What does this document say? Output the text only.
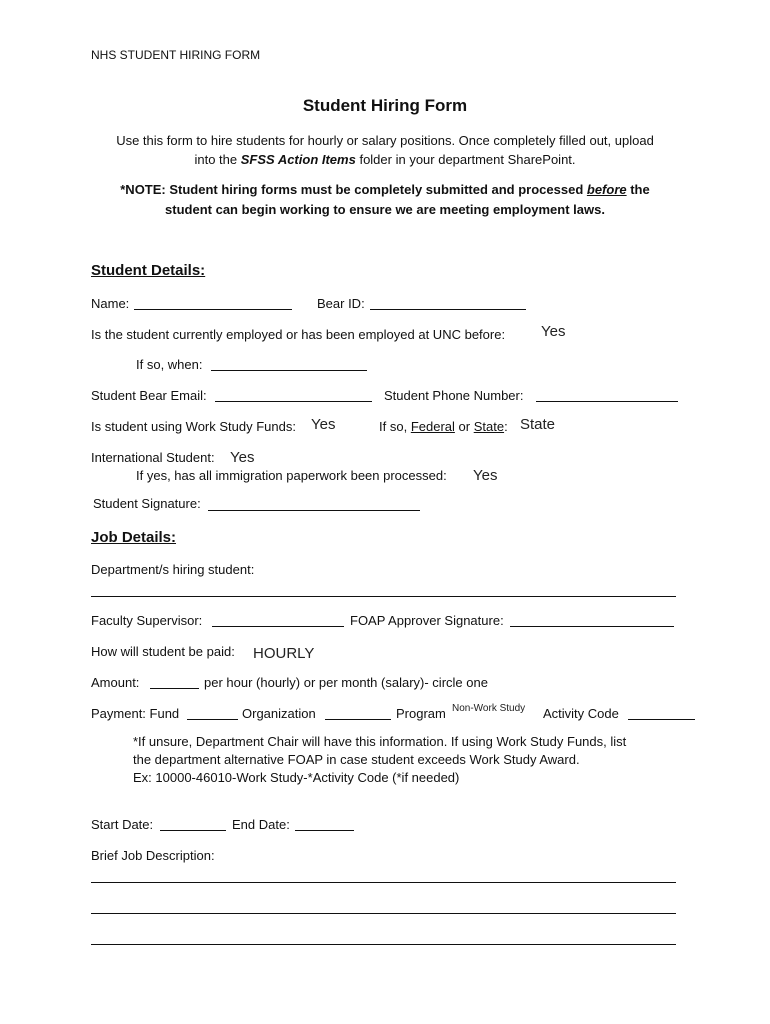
NHS STUDENT HIRING FORM
Student Hiring Form
Use this form to hire students for hourly or salary positions. Once completely filled out, upload
into the SFSS Action Items folder in your department SharePoint.
*NOTE: Student hiring forms must be completely submitted and processed before the
student can begin working to ensure we are meeting employment laws.
Student Details:
Name:	Bear ID:
Is the student currently employed or has been employed at UNC before: Yes
If so, when:
Student Bear Email:	Student Phone Number:
Is student using Work Study Funds: Yes	If so, Federal or State: State
International Student: Yes
If yes, has all immigration paperwork been processed: Yes
Student Signature:
Job Details:
Department/s hiring student:
Faculty Supervisor:	FOAP Approver Signature:
How will student be paid: HOURLY
Amount:	per hour (hourly) or per month (salary)- circle one
Payment: Fund	Organization	Program Non-Work Study Activity Code
*If unsure, Department Chair will have this information. If using Work Study Funds, list
the department alternative FOAP in case student exceeds Work Study Award.
Ex: 10000-46010-Work Study-*Activity Code (*if needed)
Start Date:	End Date:
Brief Job Description:
